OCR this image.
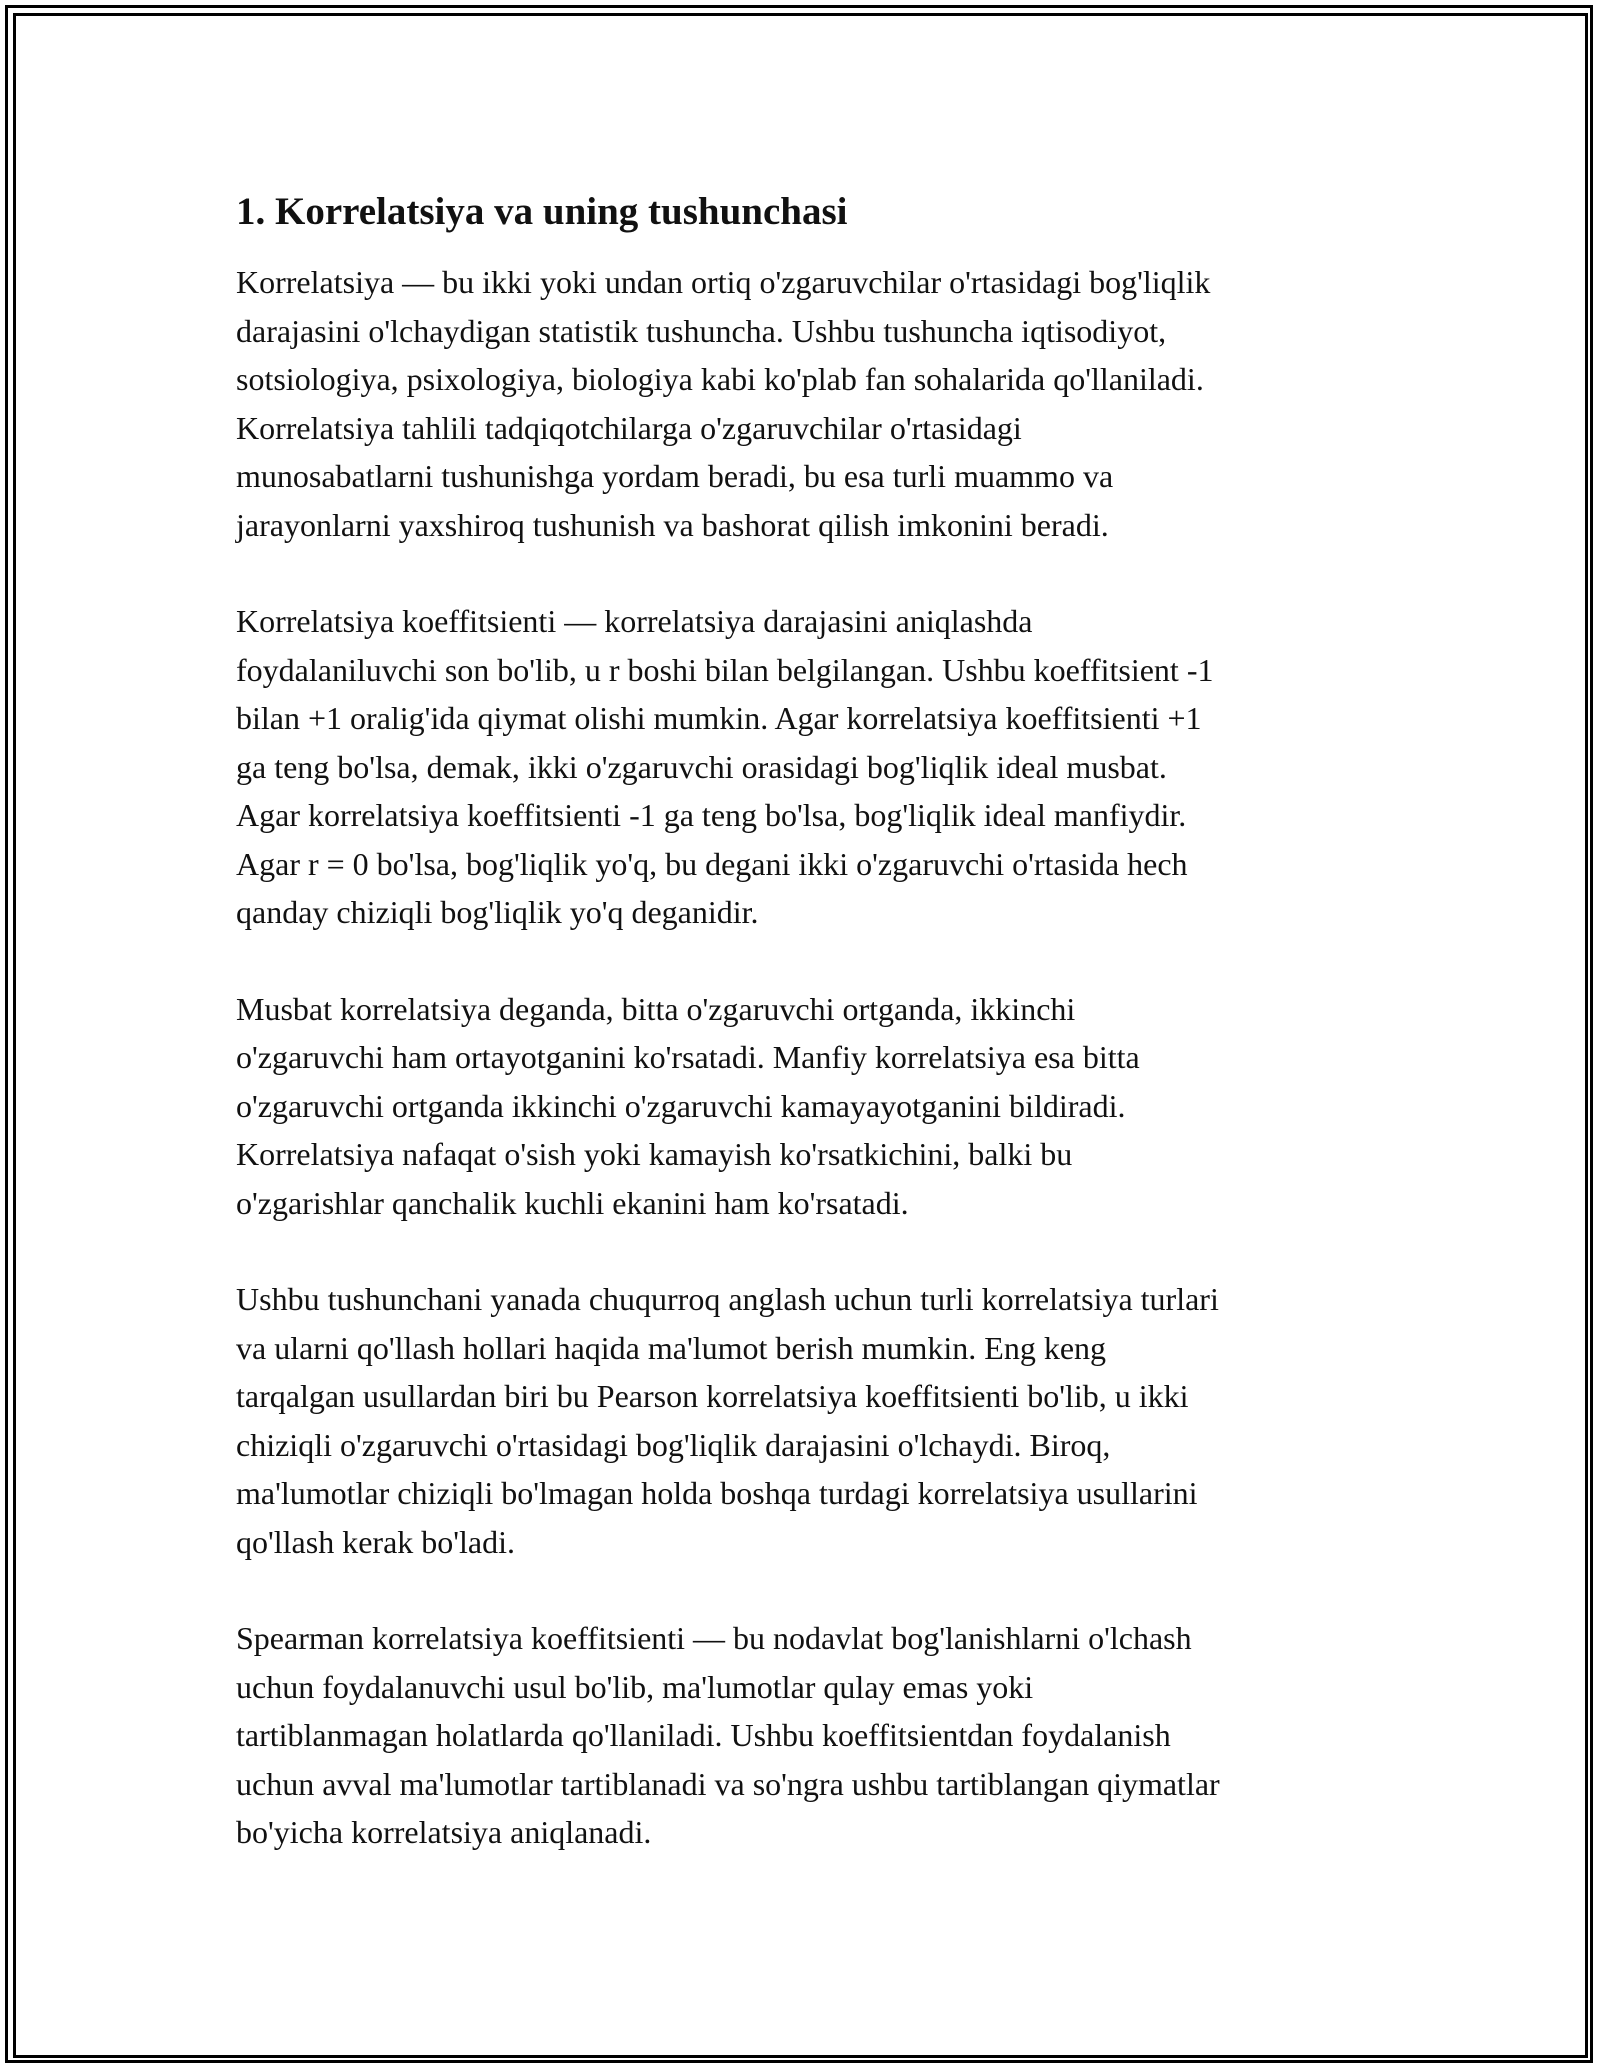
1. Korrelatsiya va uning tushunchasi

Korrelatsiya — bu ikki yoki undan ortiq o'zgaruvchilar o'rtasidagi bog'liqlik
darajasini o'lchaydigan statistik tushuncha. Ushbu tushuncha iqtisodiyot,
sotsiologiya, psixologiya, biologiya kabi ko'plab fan sohalarida qo'llaniladi.
Korrelatsiya tahlili tadqiqotchilarga o'zgaruvchilar o'rtasidagi
munosabatlarni tushunishga yordam beradi, bu esa turli muammo va
jarayonlarni yaxshiroq tushunish va bashorat qilish imkonini beradi.

Korrelatsiya koeffitsienti — korrelatsiya darajasini aniqlashda
foydalaniluvchi son bo'lib, u r boshi bilan belgilangan. Ushbu koeffitsient -1
bilan +1 oralig'ida qiymat olishi mumkin. Agar korrelatsiya koeffitsienti +1
ga teng bo'lsa, demak, ikki o'zgaruvchi orasidagi bog'liqlik ideal musbat.
Agar korrelatsiya koeffitsienti -1 ga teng bo'lsa, bog'liqlik ideal manfiydir.
Agar r = 0 bo'lsa, bog'liqlik yo'q, bu degani ikki o'zgaruvchi o'rtasida hech
qanday chiziqli bog'liqlik yo'q deganidir.

Musbat korrelatsiya deganda, bitta o'zgaruvchi ortganda, ikkinchi
o'zgaruvchi ham ortayotganini ko'rsatadi. Manfiy korrelatsiya esa bitta
o'zgaruvchi ortganda ikkinchi o'zgaruvchi kamayayotganini bildiradi.
Korrelatsiya nafaqat o'sish yoki kamayish ko'rsatkichini, balki bu
o'zgarishlar qanchalik kuchli ekanini ham ko'rsatadi.

Ushbu tushunchani yanada chuqurroq anglash uchun turli korrelatsiya turlari
va ularni qo'llash hollari haqida ma'lumot berish mumkin. Eng keng
tarqalgan usullardan biri bu Pearson korrelatsiya koeffitsienti bo'lib, u ikki
chiziqli o'zgaruvchi o'rtasidagi bog'liqlik darajasini o'lchaydi. Biroq,
ma'lumotlar chiziqli bo'lmagan holda boshqa turdagi korrelatsiya usullarini
qo'llash kerak bo'ladi.

Spearman korrelatsiya koeffitsienti — bu nodavlat bog'lanishlarni o'lchash
uchun foydalanuvchi usul bo'lib, ma'lumotlar qulay emas yoki
tartiblanmagan holatlarda qo'llaniladi. Ushbu koeffitsientdan foydalanish
uchun avval ma'lumotlar tartiblanadi va so'ngra ushbu tartiblangan qiymatlar
bo'yicha korrelatsiya aniqlanadi.
